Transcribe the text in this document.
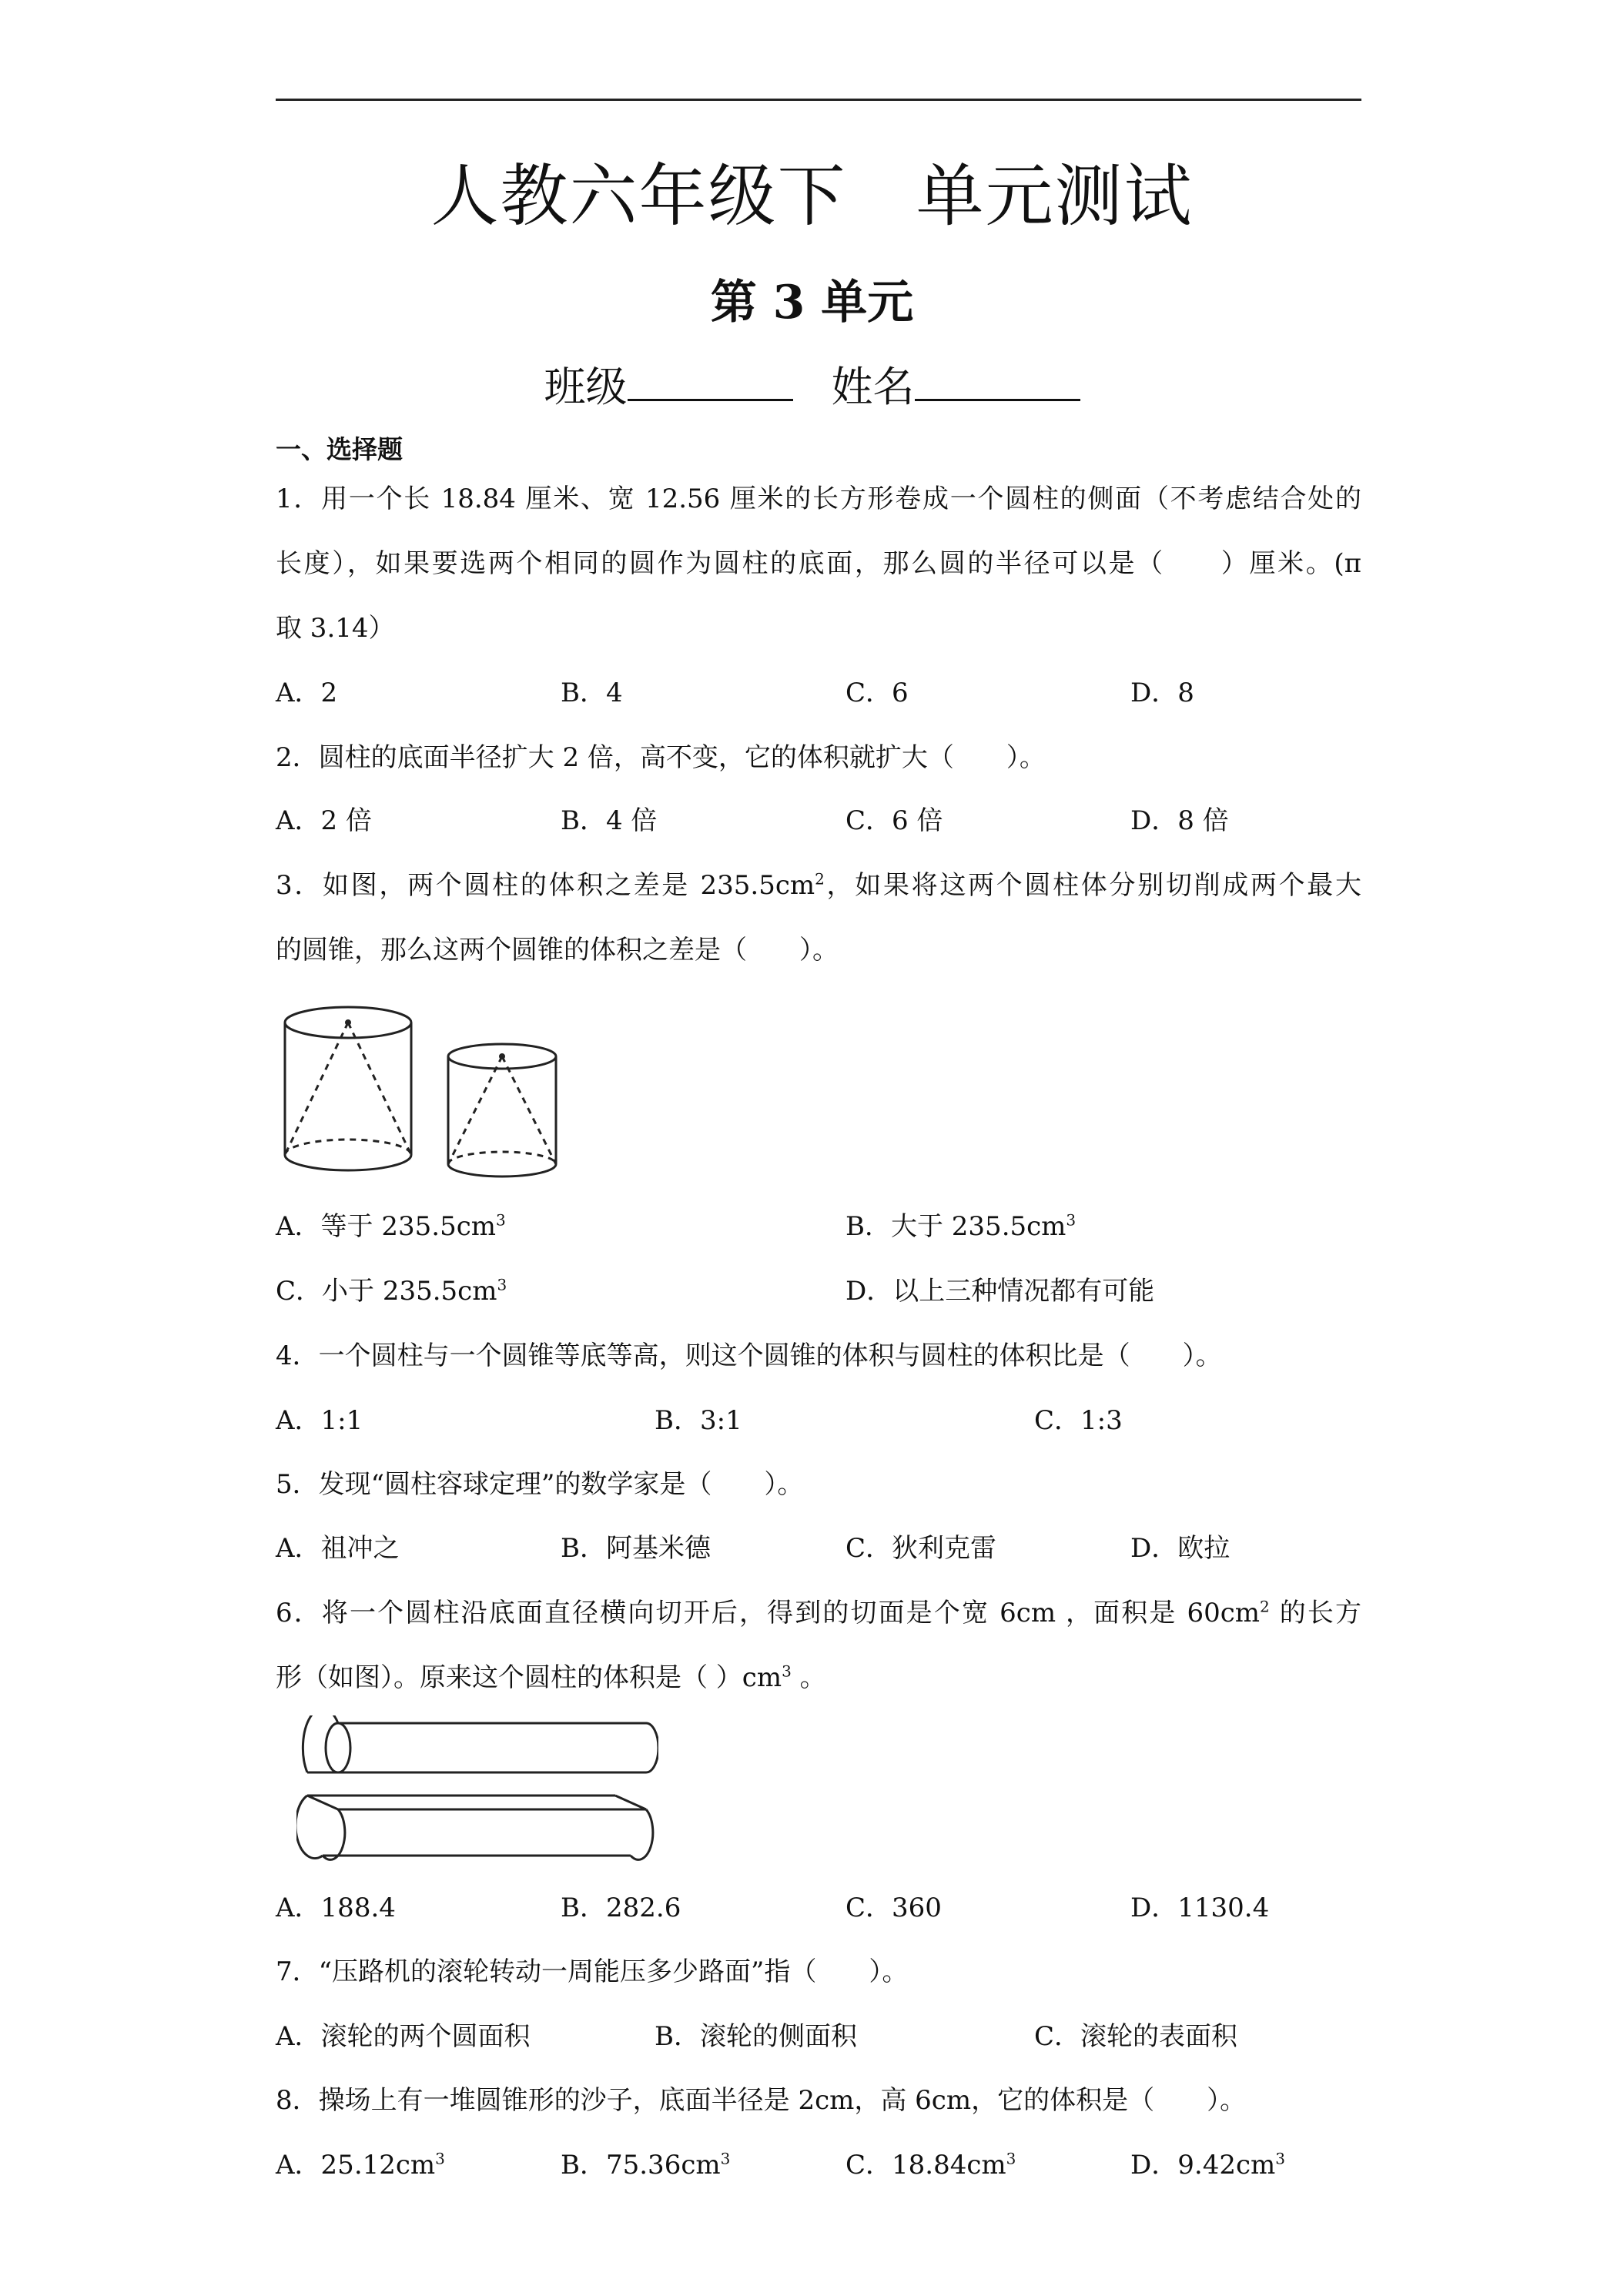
人教六年级下　单元测试
第 3 单元
班级	姓名
一、选择题
1．用一个长 18.84 厘米、宽 12.56 厘米的长方形卷成一个圆柱的侧面（不考虑结合处的
长度），如果要选两个相同的圆作为圆柱的底面，那么圆的半径可以是（　　）厘米。(π
取 3.14）
A．2	B．4	C．6	D．8
2．圆柱的底面半径扩大 2 倍，高不变，它的体积就扩大（　　）。
A．2 倍	B．4 倍	C．6 倍	D．8 倍
3．如图，两个圆柱的体积之差是 $235.5cm^2$，如果将这两个圆柱体分别切削成两个最大
的圆锥，那么这两个圆锥的体积之差是（　　）。
A．等于 $235.5cm^3$	B．大于 $235.5cm^3$
C．小于 $235.5cm^3$	D．以上三种情况都有可能
4．一个圆柱与一个圆锥等底等高，则这个圆锥的体积与圆柱的体积比是（　　）。
A．1:1	B．3:1	C．1:3
5．发现“圆柱容球定理”的数学家是（　　）。
A．祖冲之	B．阿基米德	C．狄利克雷	D．欧拉
6．将一个圆柱沿底面直径横向切开后，得到的切面是个宽 6cm ，面积是 $60cm^2$ 的长方
形（如图）。原来这个圆柱的体积是（ ）$cm^3$ 。
A．188.4	B．282.6	C．360	D．1130.4
7．“压路机的滚轮转动一周能压多少路面”指（　　）。
A．滚轮的两个圆面积	B．滚轮的侧面积	C．滚轮的表面积
8．操场上有一堆圆锥形的沙子，底面半径是 2cm，高 6cm，它的体积是（　　）。
A．$25.12cm^3$	B．$75.36cm^3$	C．$18.84cm^3$	D．$9.42cm^3$
